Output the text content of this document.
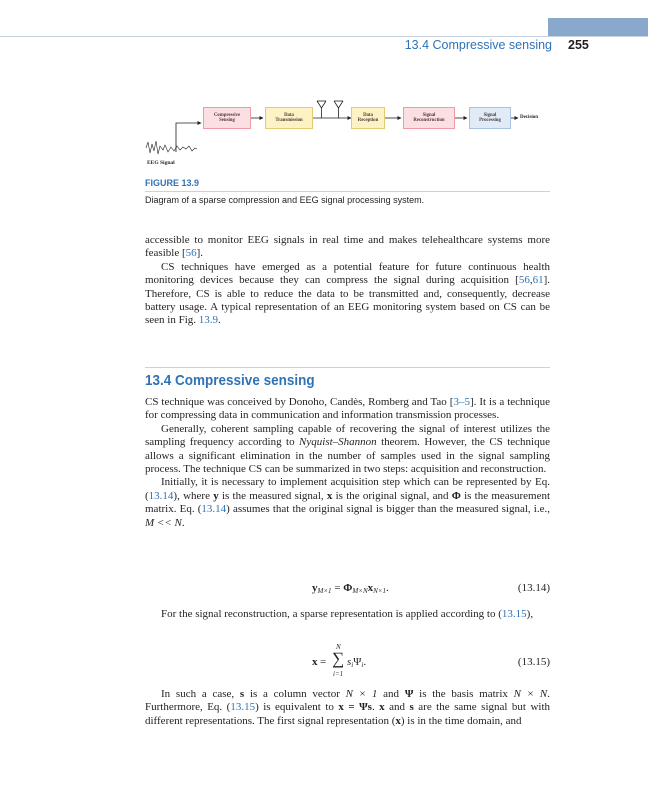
13.4 Compressive sensing 255
Compressive
Sensing
Data
Transmission
Data
Reception
Signal
Reconstruction
Signal
Processing
Decision
EEG Signal
FIGURE 13.9
Diagram of a sparse compression and EEG signal processing system.

accessible to monitor EEG signals in real time and makes telehealthcare systems more feasible [56].

CS techniques have emerged as a potential feature for future continuous health monitoring devices because they can compress the signal during acquisition [56,61]. Therefore, CS is able to reduce the data to be transmitted and, consequently, decrease battery usage. A typical representation of an EEG monitoring system based on CS can be seen in Fig. 13.9.

13.4 Compressive sensing

CS technique was conceived by Donoho, Candès, Romberg and Tao [3–5]. It is a technique for compressing data in communication and information transmission processes.

Generally, coherent sampling capable of recovering the signal of interest utilizes the sampling frequency according to Nyquist–Shannon theorem. However, the CS technique allows a significant elimination in the number of samples used in the signal sampling process. The technique CS can be summarized in two steps: acquisition and reconstruction.

Initially, it is necessary to implement acquisition step which can be represented by Eq. (13.14), where y is the measured signal, x is the original signal, and Φ is the measurement matrix. Eq. (13.14) assumes that the original signal is bigger than the measured signal, i.e., M << N.

$y_{M\times 1} = \Phi_{M\times N}x_{N\times 1}$.	(13.14)

For the signal reconstruction, a sparse representation is applied according to (13.15),

x =
N
∑
i=1
$s_i\Psi_i$.	(13.15)

In such a case, s is a column vector N × 1 and Ψ is the basis matrix N × N. Furthermore, Eq. (13.15) is equivalent to x = Ψs. x and s are the same signal but with different representations. The first signal representation (x) is in the time domain, and
